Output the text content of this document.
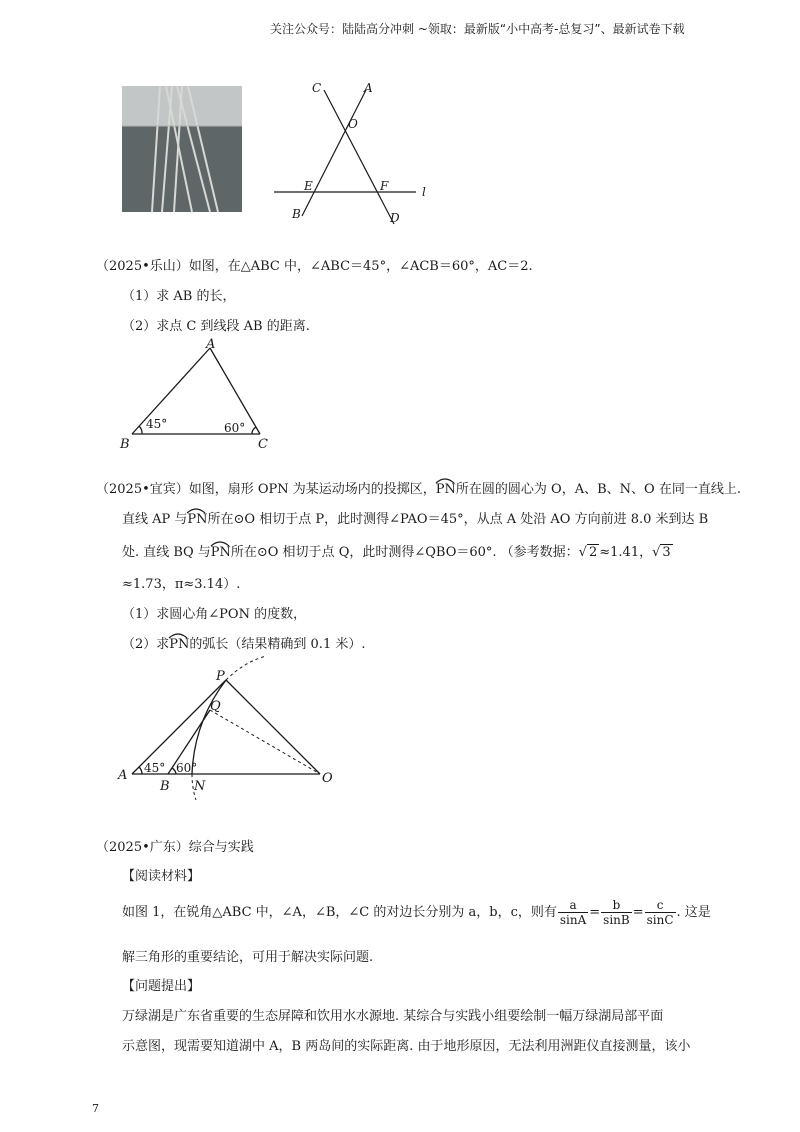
关注公众号：陆陆高分冲刺 ~领取：最新版“小中高考-总复习”、最新试卷下载
C	A
O
E	F	l
B	D
（2025•乐山）如图，在△ABC 中，∠ABC＝45°，∠ACB＝60°，AC＝2.
（1）求 AB 的长，
（2）求点 C 到线段 AB 的距离.
A
B	C
45°	60°
（2025•宜宾）如图，扇形 OPN 为某运动场内的投掷区，
PN所在圆的圆心为 O，A、B、N、O 在同一直线上.
直线 AP 与
PN所在⊙O 相切于点 P，此时测得∠PAO＝45°，从点 A 处沿 AO 方向前进 8.0 米到达 B
处. 直线 BQ 与
PN所在⊙O 相切于点 Q，此时测得∠QBO＝60°. （参考数据：√ 2 ≈1.41，√ 3
≈1.73，π≈3.14）.
（1）求圆心角∠PON 的度数，
（2）求
PN的弧长（结果精确到 0.1 米）.
P
Q
A
B N
O
45° 60°
（2025•广东）综合与实践
【阅读材料】
如图 1，在锐角△ABC 中，∠A，∠B，∠C 的对边长分别为 a，b，c，则有 $\frac{a}{\sin A} = \frac{b}{\sin B} = \frac{c}{\sin C}$ . 这是
解三角形的重要结论，可用于解决实际问题.
【问题提出】
万绿湖是广东省重要的生态屏障和饮用水水源地. 某综合与实践小组要绘制一幅万绿湖局部平面
示意图，现需要知道湖中 A，B 两岛间的实际距离. 由于地形原因，无法利用洲距仪直接测量，该小
7
